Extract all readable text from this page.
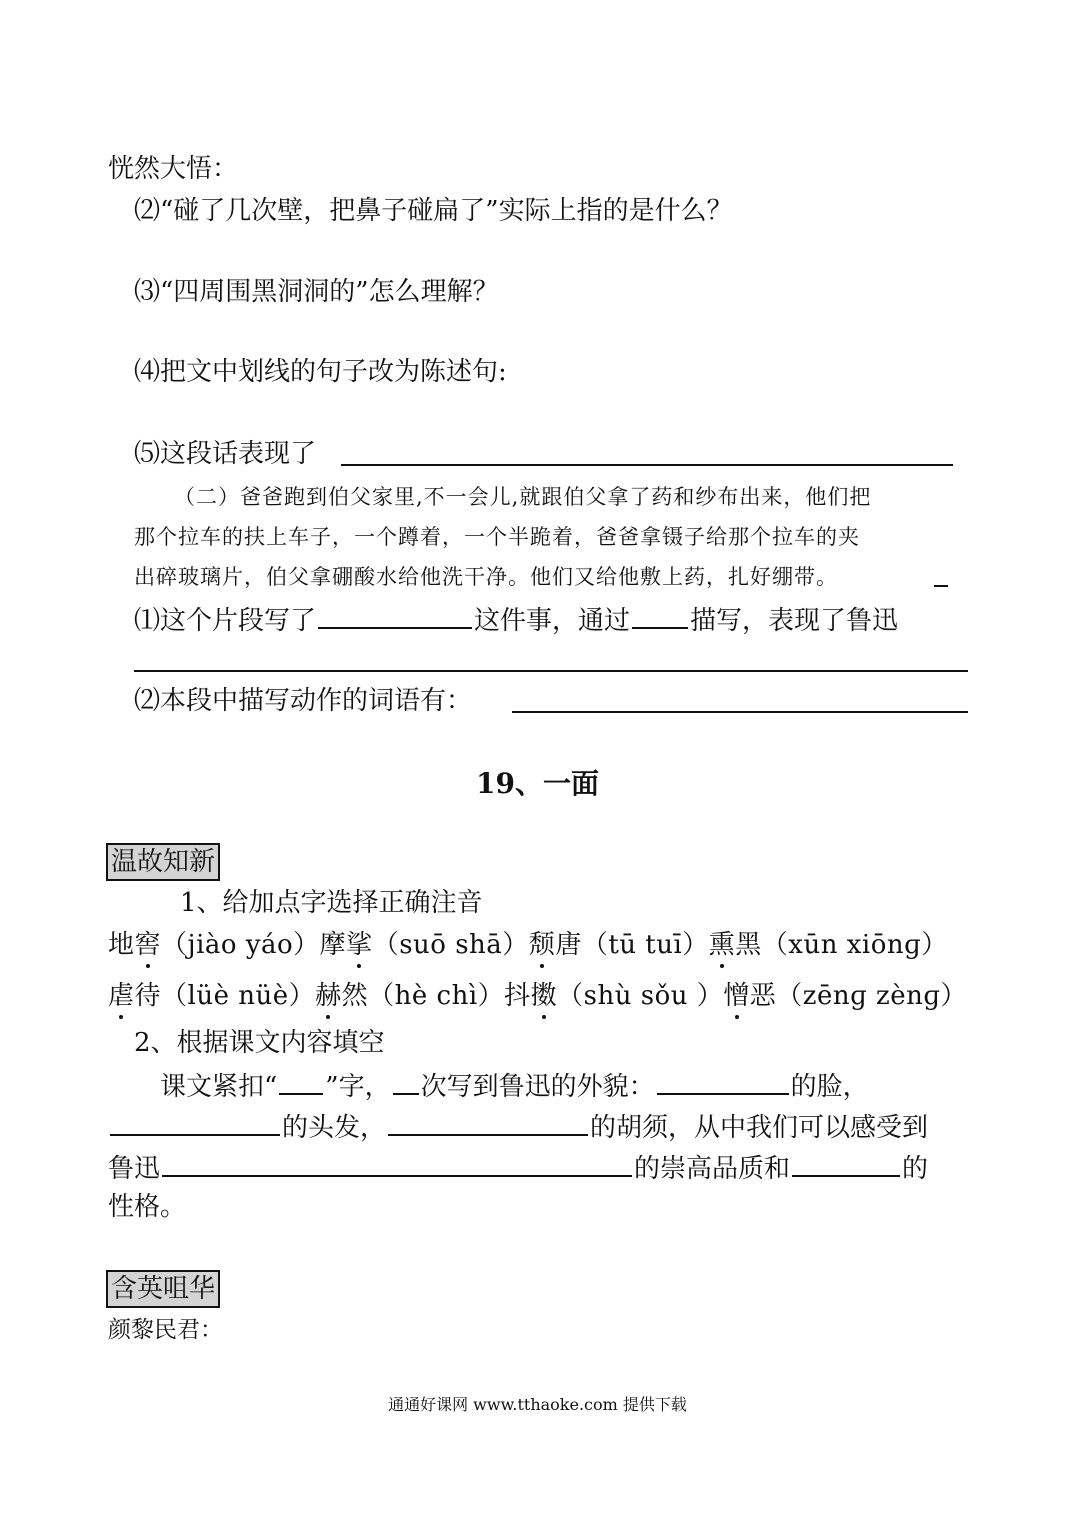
恍然大悟：
⑵“碰了几次壁，把鼻子碰扁了”实际上指的是什么？
⑶“四周围黑洞洞的”怎么理解？
⑷把文中划线的句子改为陈述句:
⑸这段话表现了
（二）爸爸跑到伯父家里,不一会儿,就跟伯父拿了药和纱布出来，他们把
那个拉车的扶上车子，一个蹲着，一个半跪着，爸爸拿镊子给那个拉车的夹
出碎玻璃片，伯父拿硼酸水给他洗干净。他们又给他敷上药，扎好绷带。
⑴这个片段写了	这件事，通过 描写，表现了鲁迅
⑵本段中描写动作的词语有：
19、一面
温故知新
1、给加点字选择正确注音
地窖（jiào yáo）摩挲（suō shā）颓唐（tū tuī）熏黑（xūn xiōnɡ）
虐待（lüè nüè）赫然（hè chì）抖擞（shù sǒu ）憎恶（zēnɡ zènɡ）
2、根据课文内容填空
课文紧扣“ ”字， 次写到鲁迅的外貌：	的脸，
的头发，	的胡须，从中我们可以感受到
鲁迅	的崇高品质和	的
性格。
含英咀华
颜黎民君：
通通好课网 www.tthaoke.com 提供下载
